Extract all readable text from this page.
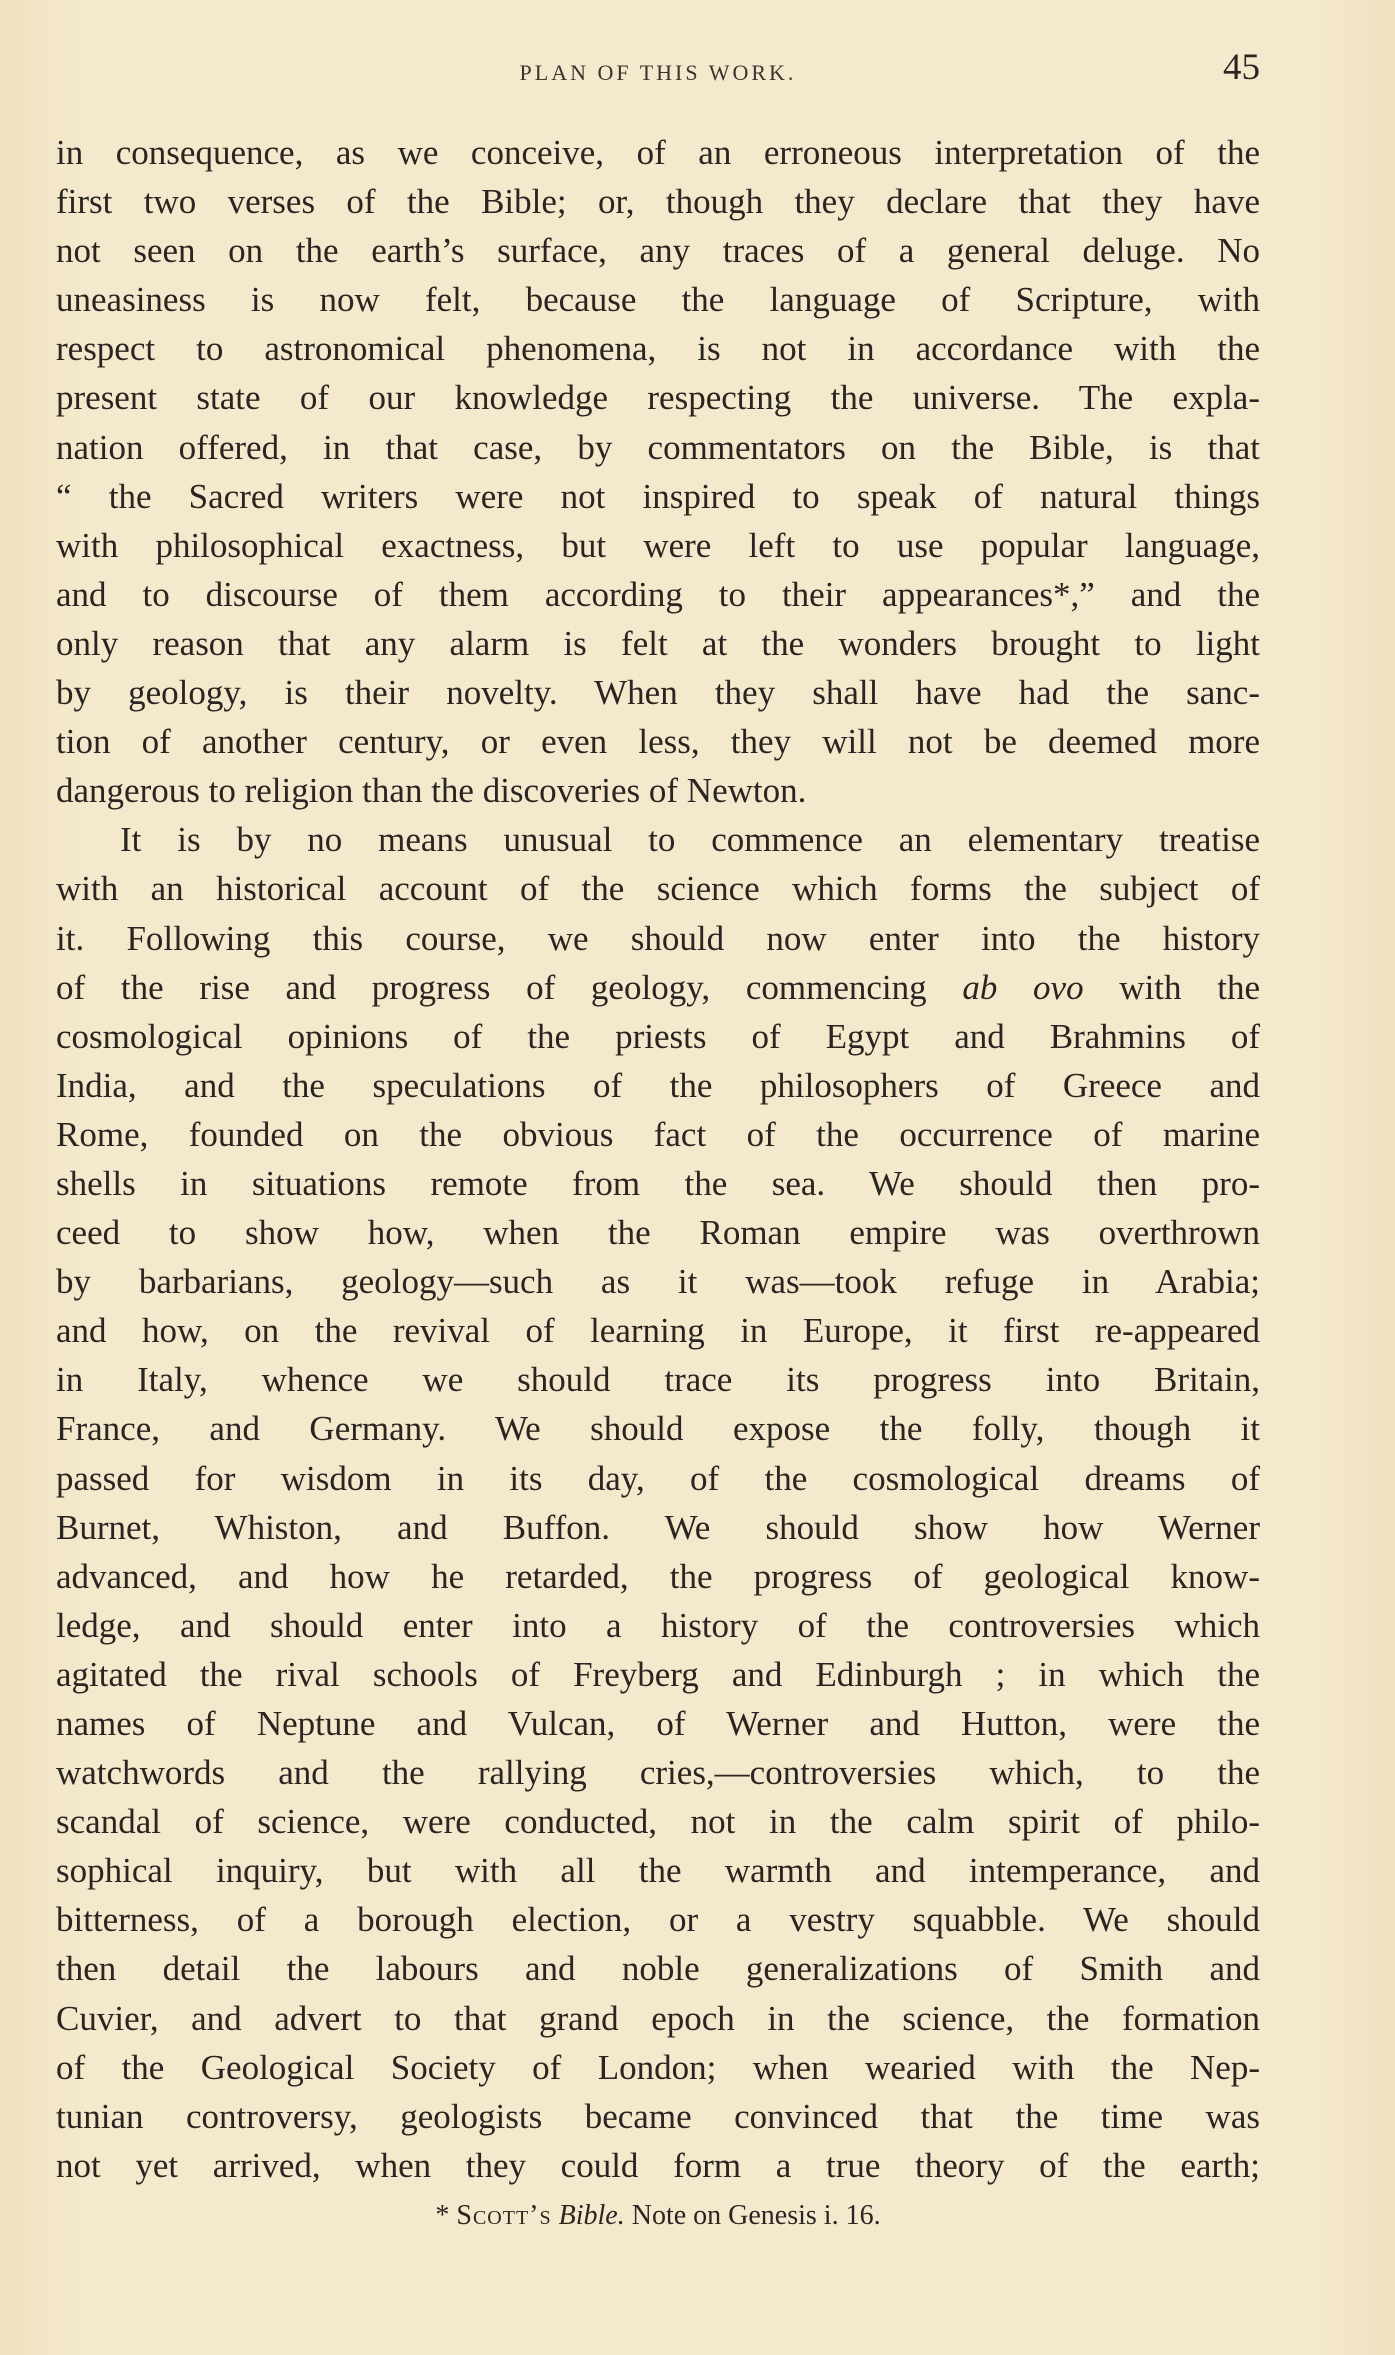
PLAN OF THIS WORK.	45
in consequence, as we conceive, of an erroneous interpretation of the
first two verses of the Bible; or, though they declare that they have
not seen on the earth’s surface, any traces of a general deluge. No
uneasiness is now felt, because the language of Scripture, with
respect to astronomical phenomena, is not in accordance with the
present state of our knowledge respecting the universe. The expla-
nation offered, in that case, by commentators on the Bible, is that
“ the Sacred writers were not inspired to speak of natural things
with philosophical exactness, but were left to use popular language,
and to discourse of them according to their appearances*,” and the
only reason that any alarm is felt at the wonders brought to light
by geology, is their novelty. When they shall have had the sanc-
tion of another century, or even less, they will not be deemed more
dangerous to religion than the discoveries of Newton.
It is by no means unusual to commence an elementary treatise
with an historical account of the science which forms the subject of
it. Following this course, we should now enter into the history
of the rise and progress of geology, commencing ab ovo with the
cosmological opinions of the priests of Egypt and Brahmins of
India, and the speculations of the philosophers of Greece and
Rome, founded on the obvious fact of the occurrence of marine
shells in situations remote from the sea. We should then pro-
ceed to show how, when the Roman empire was overthrown
by barbarians, geology—such as it was—took refuge in Arabia;
and how, on the revival of learning in Europe, it first re-appeared
in Italy, whence we should trace its progress into Britain,
France, and Germany. We should expose the folly, though it
passed for wisdom in its day, of the cosmological dreams of
Burnet, Whiston, and Buffon. We should show how Werner
advanced, and how he retarded, the progress of geological know-
ledge, and should enter into a history of the controversies which
agitated the rival schools of Freyberg and Edinburgh ; in which the
names of Neptune and Vulcan, of Werner and Hutton, were the
watchwords and the rallying cries,—controversies which, to the
scandal of science, were conducted, not in the calm spirit of philo-
sophical inquiry, but with all the warmth and intemperance, and
bitterness, of a borough election, or a vestry squabble. We should
then detail the labours and noble generalizations of Smith and
Cuvier, and advert to that grand epoch in the science, the formation
of the Geological Society of London; when wearied with the Nep-
tunian controversy, geologists became convinced that the time was
not yet arrived, when they could form a true theory of the earth;
* Scott’s Bible. Note on Genesis i. 16.
